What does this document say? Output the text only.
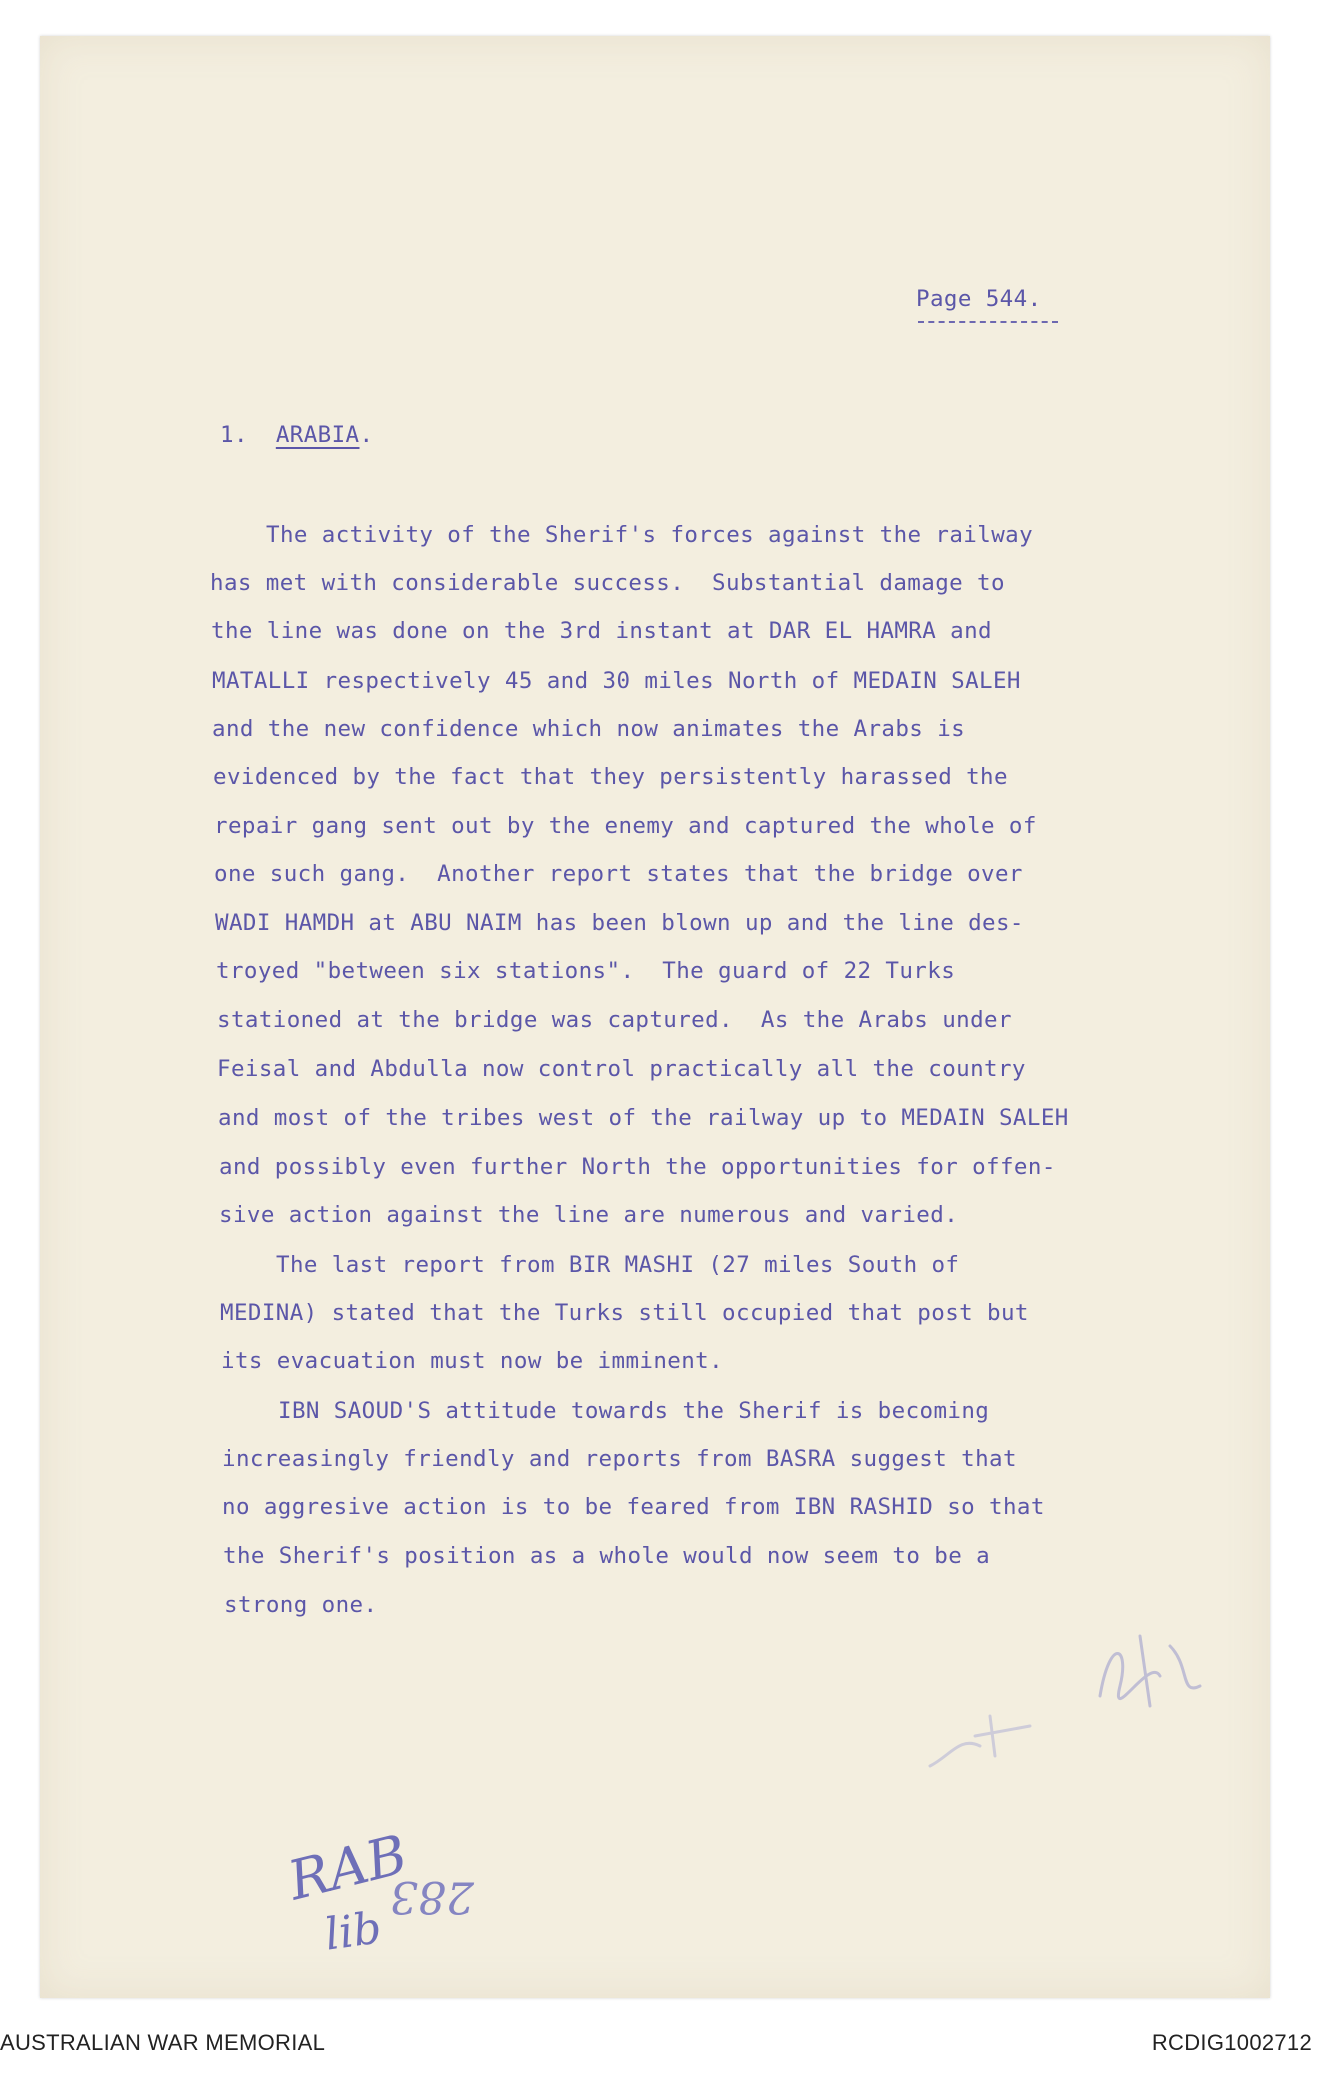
Page 544.
1. ARABIA.
The activity of the Sherif's forces against the railway
has met with considerable success.  Substantial damage to
the line was done on the 3rd instant at DAR EL HAMRA and
MATALLI respectively 45 and 30 miles North of MEDAIN SALEH
and the new confidence which now animates the Arabs is
evidenced by the fact that they persistently harassed the
repair gang sent out by the enemy and captured the whole of
one such gang.  Another report states that the bridge over
WADI HAMDH at ABU NAIM has been blown up and the line des-
troyed "between six stations".  The guard of 22 Turks
stationed at the bridge was captured.  As the Arabs under
Feisal and Abdulla now control practically all the country
and most of the tribes west of the railway up to MEDAIN SALEH
and possibly even further North the opportunities for offen-
sive action against the line are numerous and varied.
The last report from BIR MASHI (27 miles South of
MEDINA) stated that the Turks still occupied that post but
its evacuation must now be imminent.
IBN SAOUD'S attitude towards the Sherif is becoming
increasingly friendly and reports from BASRA suggest that
no aggresive action is to be feared from IBN RASHID so that
the Sherif's position as a whole would now seem to be a
strong one.
RAB
lib
283
AUSTRALIAN WAR MEMORIAL	RCDIG1002712
